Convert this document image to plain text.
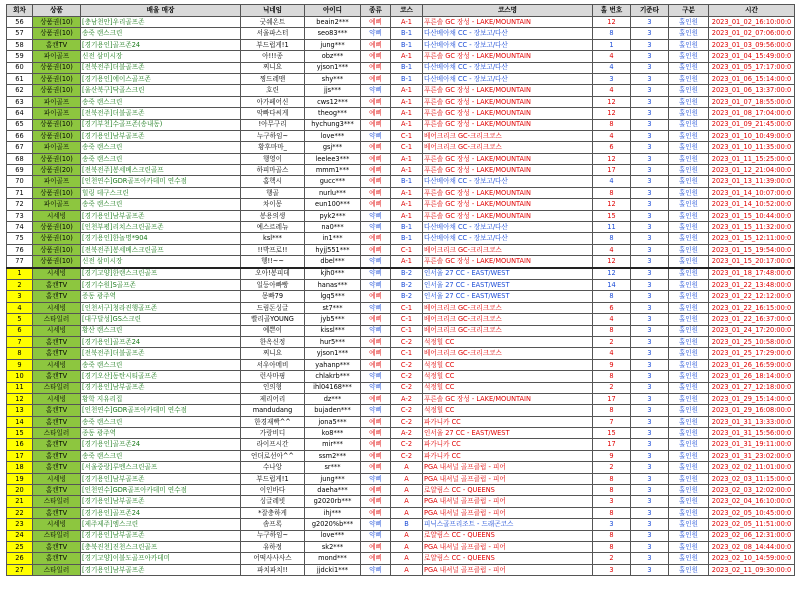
회차	상품	배울 매장	닉네임	아이디	종류	코스	코스명	홀 번호	기준타	구분	시간
56	상품권(10)	[충남천안]우리골프존	굿쉐온트	beain2***	예삐	A-1	푸른솔 GC 장성 - LAKE/MOUNTAIN	12	3	홀인원	2023_01_02_16:10:00:0
57	상품권(10)	송죽 랜스크린	서울파스터	seo83***	약삐	B-1	다산베아채 CC - 장보고/다산	8	3	홀인원	2023_01_02_07:06:00:0
58	홈캔TV	[경기용인]골프존24	부드럽게!1	jung***	예삐	B-1	다산베아채 CC - 장보고/다산	1	3	홀인원	2023_01_03_09:56:00:0
59	파이골프	신전 삼미시장	아!!!종	obz***	예삐	A-1	푸른솔 GC 장성 - LAKE/MOUNTAIN	4	3	홀인원	2023_01_04_15:49:00:0
60	상품권(10)	[전북전주]더블골프존	찌니요	yjson1***	예삐	B-1	다산베아채 CC - 장보고/다산	4	3	홀인원	2023_01_05_17:17:00:0
61	상품권(10)	[경기용인]에이스골프존	찡드레맨	shy***	예삐	B-1	다산베아채 CC - 장보고/다산	3	3	홀인원	2023_01_06_15:14:00:0
62	상품권(10)	[울산북구]닥골스크린	호린	jjs***	약삐	A-1	푸른솔 GC 장성 - LAKE/MOUNTAIN	4	3	홀인원	2023_01_06_13:37:00:0
63	파이골프	송죽 랜스크린	아가페어신	cws12***	예삐	A-1	푸른솔 GC 장성 - LAKE/MOUNTAIN	12	3	홀인원	2023_01_07_18:55:00:0
64	파이골프	[전북전주]더블골프존	악빠다씨게	theog***	예삐	A-1	푸른솔 GC 장성 - LAKE/MOUNTAIN	12	3	홀인원	2023_01_08_17:04:00:0
65	상품권(10)	[경기부천]수골프존(송내동)	!아무구리	hychung3***	예삐	A-1	푸른솔 GC 장성 - LAKE/MOUNTAIN	8	3	홀인원	2023_01_09_21:45:00:0
66	상품권(10)	[경기용인]남부골프존	누구하임~	love***	약삐	C-1	베어크리크 GC-크리크코스	4	3	홀인원	2023_01_10_10:49:00:0
67	파이골프	송죽 랜스크린	황후마마_	gsj***	예삐	C-1	베어크리크 GC-크리크코스	6	3	홀인원	2023_01_10_11:35:00:0
68	상품권(10)	송죽 랜스크린	행영이	leelee3***	예삐	A-1	푸른솔 GC 장성 - LAKE/MOUNTAIN	12	3	홀인원	2023_01_11_15:25:00:0
69	상품권(20)	[전북전주]봉세베스크린골프	하피마골스	mmm1***	예삐	A-1	푸른솔 GC 장성 - LAKE/MOUNTAIN	17	3	홀인원	2023_01_12_21:04:00:0
70	파이골프	[인천연수]GDR골프아카데미 연수점	홈핵시	gucc***	예삐	B-1	다산베아채 CC - 장보고/다산	4	3	홀인원	2023_01_13_11:39:00:0
71	상품권(10)	힐링 데구스크린	행골	nurlu***	예삐	A-1	푸른솔 GC 장성 - LAKE/MOUNTAIN	8	3	홀인원	2023_01_14_10:07:00:0
72	파이골프	송죽 랜스크린	차이몽	eun100***	예삐	A-1	푸른솔 GC 장성 - LAKE/MOUNTAIN	12	3	홀인원	2023_01_14_10:52:00:0
73	시세빙	[경기용인]남부골프존	봉용의생	pyk2***	약삐	A-1	푸른솔 GC 장성 - LAKE/MOUNTAIN	15	3	홀인원	2023_01_15_10:44:00:0
74	상품권(10)	[인천부평]리치스크린골프존	예스르레뉴	na0***	약삐	B-1	다산베아채 CC - 장보고/다산	11	3	홀인원	2023_01_15_11:32:00:0
75	상품권(10)	[경기용인]한놀명*904	ksl***	in1***	예삐	B-1	다산베아채 CC - 장보고/다산	8	3	홀인원	2023_01_15_12:11:00:0
76	상품권(10)	[전북전주]봉세베스크린골프	!!박프로!!	hyjj551***	예삐	C-1	베어크리크 GC-크리크코스	4	3	홀인원	2023_01_15_19:54:00:0
77	상품권(10)	신전 삼미시장	헹!!~~	dbel***	약삐	A-1	푸른솔 GC 장성 - LAKE/MOUNTAIN	12	3	홀인원	2023_01_15_20:17:00:0
1	시세빙	[경기고양]한랜스크린골프	오아!봉피데	kjh0***	약삐	B-2	인서울 27 CC - EAST/WEST	12	3	홀인원	2023_01_18_17:48:00:0
2	홈캔TV	[경기수원]S골프존	일등아빠빵	hanas***	약삐	B-2	인서울 27 CC - EAST/WEST	14	3	홀인원	2023_01_22_13:48:00:0
3	홈캔TV	증동 광주역	몽빠79	lgq5***	예삐	B-2	인서울 27 CC - EAST/WEST	8	3	홀인원	2023_01_22_12:12:00:0
4	시세빙	[인천서구]청라진행골프존	드림돈싱글	st7***	약삐	C-1	베어크리크 GC-크리크코스	6	3	홀인원	2023_01_22_16:15:00:0
5	스타일러	[대구달성]GS스크린	빨리골YOUNG	jyb5***	예삐	C-1	베어크리크 GC-크리크코스	4	3	홀인원	2023_01_22_16:37:00:0
6	시세빙	황산 랜스크린	예쁜이	kissl***	약삐	C-1	베어크리크 GC-크리크코스	8	3	홀인원	2023_01_24_17:20:00:0
7	홈캔TV	[경기용인]골프존24	한옥신정	hur5***	예삐	C-2	석정힐 CC	2	3	홀인원	2023_01_25_10:58:00:0
8	홈캔TV	[전북전주]더블골프존	찌니요	yjson1***	예삐	C-1	베어크리크 GC-크리크코스	4	3	홀인원	2023_01_25_17:29:00:0
9	시세빙	송죽 랜스크린	서우아메비	yahanp***	예삐	C-2	석정힐 CC	9	3	홀인원	2023_01_26_16:59:00:0
10	홈캔TV	[경기오산]동탄시티골프존	런사마핑	chlakrb***	약삐	C-2	석정힐 CC	8	3	홀인원	2023_01_26_18:14:00:0
11	스타일러	[경기용인]남부골프존	인의형	ihl04168***	약삐	C-2	석정힐 CC	2	3	홀인원	2023_01_27_12:18:00:0
12	시세빙	황학 지유리집	제리어리	dz***	예삐	A-2	푸른솔 GC 장성 - LAKE/MOUNTAIN	17	3	홀인원	2023_01_29_15:14:00:0
13	홈캔TV	[인천연수]GDR골프아카데미 연수점	mandudang	bujaden***	약삐	C-2	석정힐 CC	8	3	홀인원	2023_01_29_16:08:00:0
14	홈캔TV	송죽 랜스크린	한경재빡^^	jona5***	예삐	C-2	파가니카 CC	7	3	홀인원	2023_01_31_13:33:00:0
15	스타일러	종동 광주역	가랑비디	ko8***	예삐	A-2	인서울 27 CC - EAST/WEST	15	3	홀인원	2023_01_31_15:56:00:0
16	홈캔TV	[경기용인]골프존24	라이프시간	mir***	예삐	C-2	파가니카 CC	17	3	홀인원	2023_01_31_19:11:00:0
17	홈캔TV	송죽 랜스크린	언더로선아^^	ssm2***	예삐	C-2	파가니카 CC	9	3	홀인원	2023_01_31_23:02:00:0
18	홈캔TV	[서울중랑]루멘스크린골프	수나앙	sr***	예삐	A	PGA 내셔널 골프클럽 - 피어	2	3	홀인원	2023_02_02_11:01:00:0
19	시세빙	[경기용인]남부골프존	부드럽게!1	jung***	약삐	A	PGA 내셔널 골프클럽 - 피어	8	3	홀인원	2023_02_03_11:15:00:0
20	홈캔TV	[인천연수]GDR골프아카데미 연수점	이인바다	daeha***	예삐	A	로얄림스 CC - QUEENS	8	3	홀인원	2023_02_03_12:02:00:0
21	스타일러	[경기용인]남부골프존	싱글레빗	g2020rb***	예삐	A	PGA 내셔널 골프클럽 - 피어	3	3	홀인원	2023_02_04_16:10:00:0
22	홈캔TV	[경기용인]골프존24	*잘충하게	ihj***	예삐	A	PGA 내셔널 골프클럽 - 피어	8	3	홀인원	2023_02_05_10:45:00:0
23	시세빙	[제주제주]엠스크린	솜프록	g2020%b***	약삐	B	피닉스골프리조트 - 드래곤코스	3	3	홀인원	2023_02_05_11:51:00:0
24	스타일러	[경기용인]남부골프존	누구하임~	love***	약삐	A	로얄림스 CC - QUEENS	8	3	홀인원	2023_02_06_12:31:00:0
25	홈캔TV	[충북진천]진천스크린골프	유하정	sk2***	예삐	A	PGA 내셔널 골프클럽 - 피어	8	3	홀인원	2023_02_08_14:44:00:0
26	홈캔TV	[경기고양]이블도골프아카데미	어떡사사사스	mond***	예삐	A	로얄림스 CC - QUEENS	2	3	홀인원	2023_02_10_14:59:00:0
27	스타일러	[경기용인]남부골프존	파치파치!!	jjdcki1***	약삐	A	PGA 내셔널 골프클럽 - 피어	3	3	홀인원	2023_02_11_09:30:00:0
